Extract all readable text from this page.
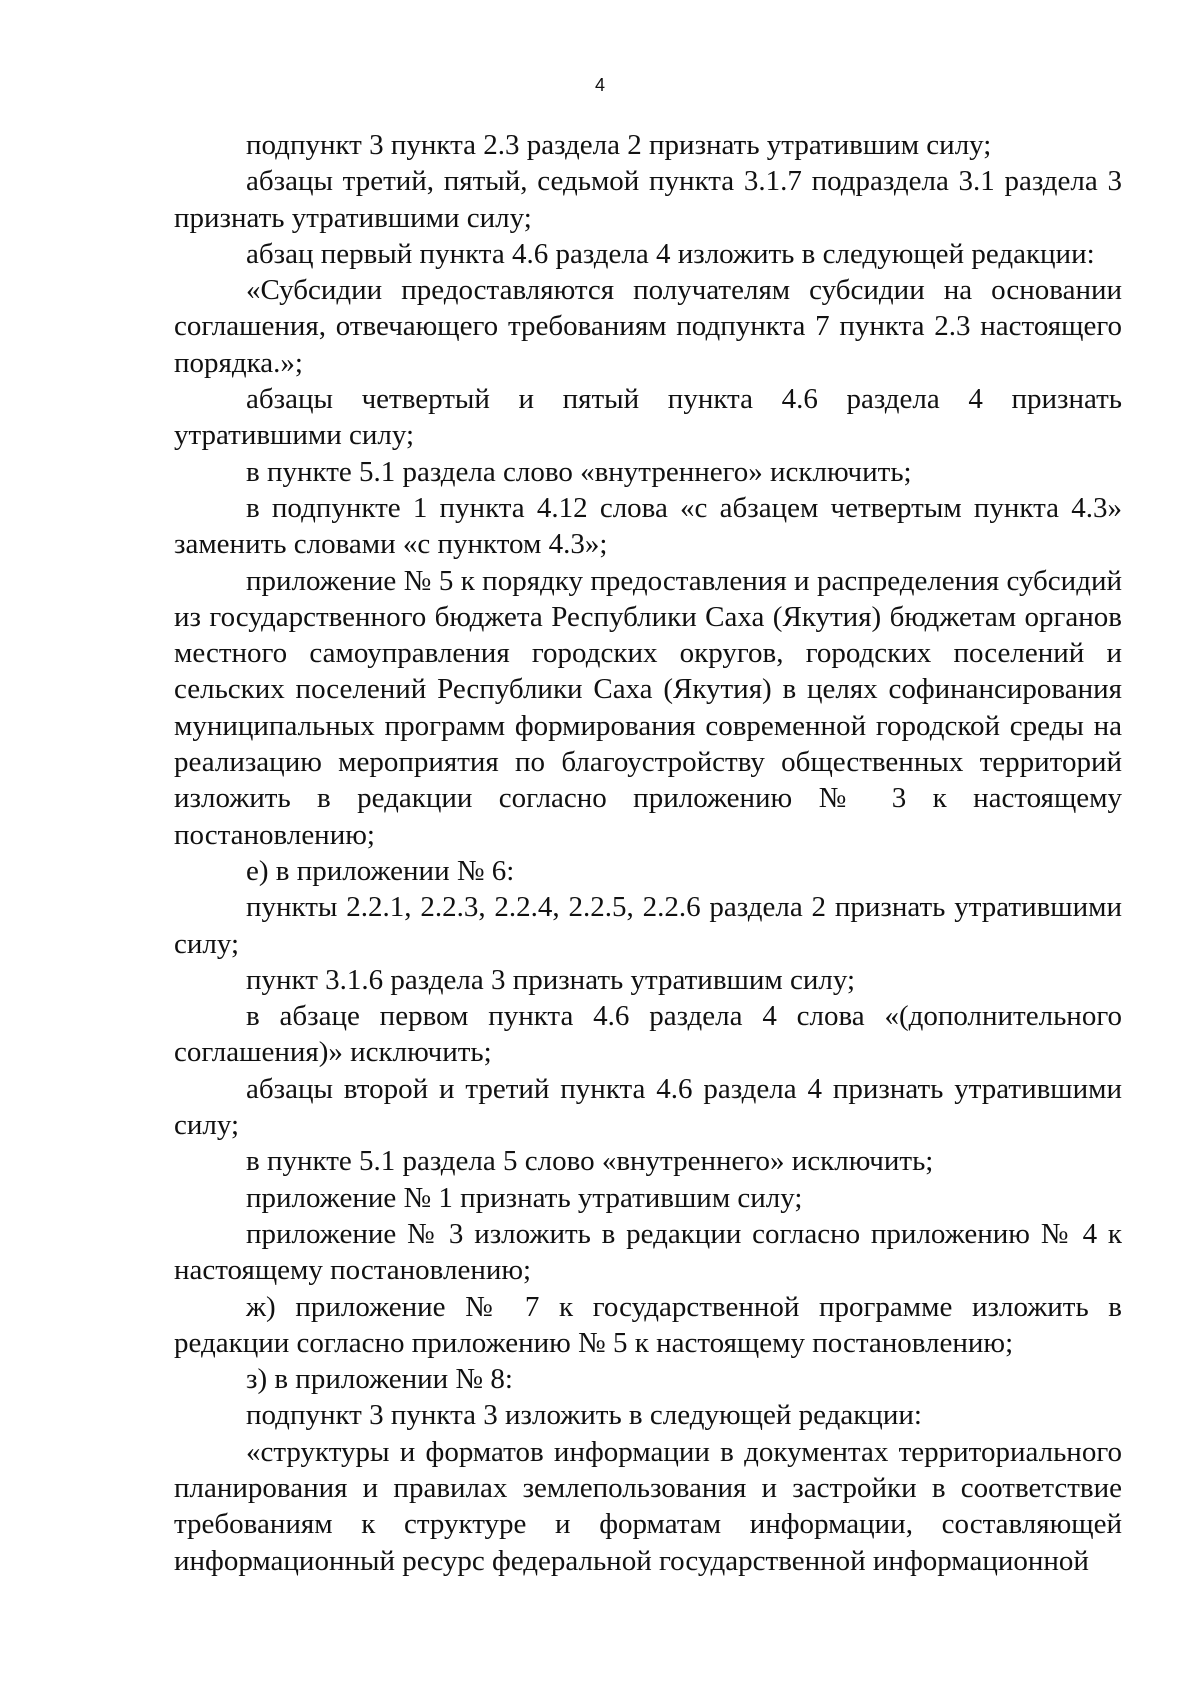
4

подпункт 3 пункта 2.3 раздела 2 признать утратившим силу;

абзацы третий, пятый, седьмой пункта 3.1.7 подраздела 3.1 раздела 3 признать утратившими силу;

абзац первый пункта 4.6 раздела 4 изложить в следующей редакции:

«Субсидии предоставляются получателям субсидии на основании соглашения, отвечающего требованиям подпункта 7 пункта 2.3 настоящего порядка.»;

абзацы четвертый и пятый пункта 4.6 раздела 4 признать утратившими силу;

в пункте 5.1 раздела слово «внутреннего» исключить;

в подпункте 1 пункта 4.12 слова «с абзацем четвертым пункта 4.3» заменить словами «с пунктом 4.3»;

приложение № 5 к порядку предоставления и распределения субсидий из государственного бюджета Республики Саха (Якутия) бюджетам органов местного самоуправления городских округов, городских поселений и сельских поселений Республики Саха (Якутия) в целях софинансирования муниципальных программ формирования современной городской среды на реализацию мероприятия по благоустройству общественных территорий изложить в редакции согласно приложению № 3 к настоящему постановлению;

е) в приложении № 6:

пункты 2.2.1, 2.2.3, 2.2.4, 2.2.5, 2.2.6 раздела 2 признать утратившими силу;

пункт 3.1.6 раздела 3 признать утратившим силу;

в абзаце первом пункта 4.6 раздела 4 слова «(дополнительного соглашения)» исключить;

абзацы второй и третий пункта 4.6 раздела 4 признать утратившими силу;

в пункте 5.1 раздела 5 слово «внутреннего» исключить;

приложение № 1 признать утратившим силу;

приложение № 3 изложить в редакции согласно приложению № 4 к настоящему постановлению;

ж) приложение № 7 к государственной программе изложить в редакции согласно приложению № 5 к настоящему постановлению;

з) в приложении № 8:

подпункт 3 пункта 3 изложить в следующей редакции:

«структуры и форматов информации в документах территориального планирования и правилах землепользования и застройки в соответствие требованиям к структуре и форматам информации, составляющей информационный ресурс федеральной государственной информационной
